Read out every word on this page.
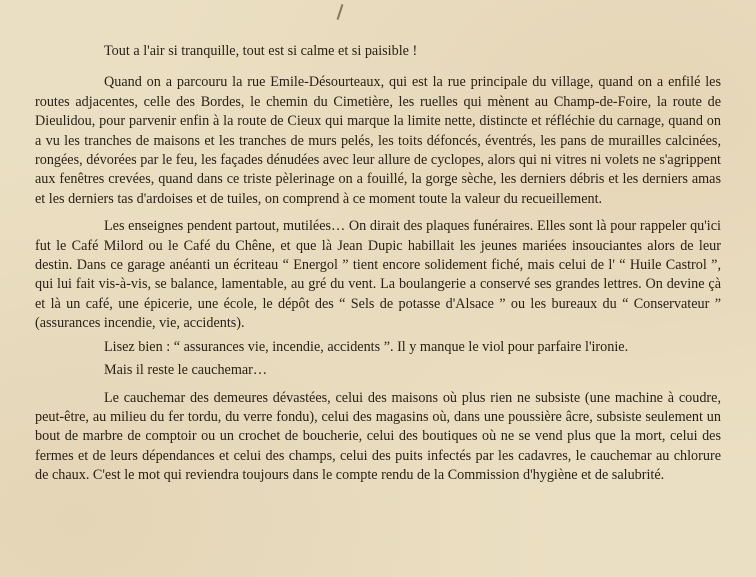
Tout a l'air si tranquille, tout est si calme et si paisible !

Quand on a parcouru la rue Emile-Désourteaux, qui est la rue principale du village, quand on a enfilé les routes adjacentes, celle des Bordes, le chemin du Cimetière, les ruelles qui mènent au Champ-de-Foire, la route de Dieulidou, pour parvenir enfin à la route de Cieux qui marque la limite nette, distincte et réfléchie du carnage, quand on a vu les tranches de maisons et les tranches de murs pelés, les toits défoncés, éventrés, les pans de murailles calcinées, rongées, dévorées par le feu, les façades dénudées avec leur allure de cyclopes, alors qui ni vitres ni volets ne s'agrippent aux fenêtres crevées, quand dans ce triste pèlerinage on a fouillé, la gorge sèche, les derniers débris et les derniers amas et les derniers tas d'ardoises et de tuiles, on comprend à ce moment toute la valeur du recueillement.

Les enseignes pendent partout, mutilées… On dirait des plaques funéraires. Elles sont là pour rappeler qu'ici fut le Café Milord ou le Café du Chêne, et que là Jean Dupic habillait les jeunes mariées insouciantes alors de leur destin. Dans ce garage anéanti un écriteau “ Energol ” tient encore solidement fiché, mais celui de l' “ Huile Castrol ”, qui lui fait vis-à-vis, se balance, lamentable, au gré du vent. La boulangerie a conservé ses grandes lettres. On devine çà et là un café, une épicerie, une école, le dépôt des “ Sels de potasse d'Alsace ” ou les bureaux du “ Conservateur ” (assurances incendie, vie, accidents).

Lisez bien : “ assurances vie, incendie, accidents ”. Il y manque le viol pour parfaire l'ironie.

Mais il reste le cauchemar…

Le cauchemar des demeures dévastées, celui des maisons où plus rien ne subsiste (une machine à coudre, peut-être, au milieu du fer tordu, du verre fondu), celui des magasins où, dans une poussière âcre, subsiste seulement un bout de marbre de comptoir ou un crochet de boucherie, celui des boutiques où ne se vend plus que la mort, celui des fermes et de leurs dépendances et celui des champs, celui des puits infectés par les cadavres, le cauchemar au chlorure de chaux. C'est le mot qui reviendra toujours dans le compte rendu de la Commission d'hygiène et de salubrité.
